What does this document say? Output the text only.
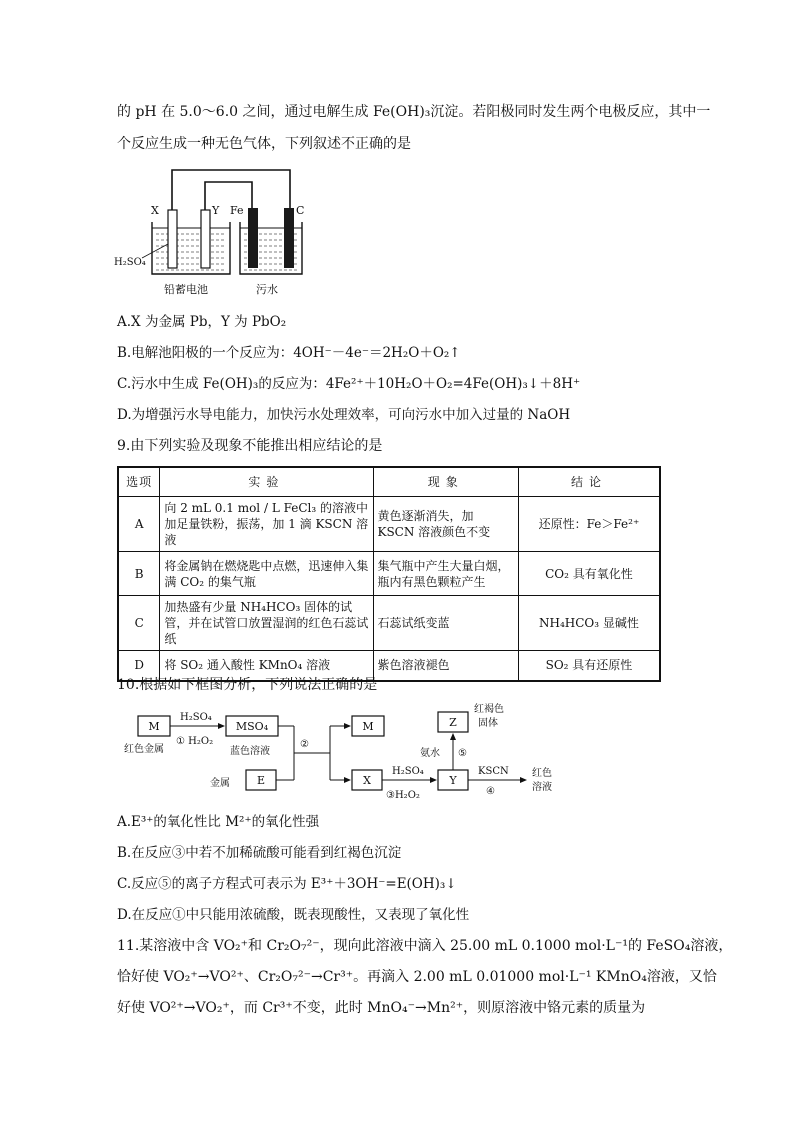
的 pH 在 5.0～6.0 之间，通过电解生成 Fe(OH)₃沉淀。若阳极同时发生两个电极反应，其中一
个反应生成一种无色气体，下列叙述不正确的是
X	Y Fe	C
H₂SO₄
铅蓄电池	污水
A.X 为金属 Pb，Y 为 PbO₂
B.电解池阳极的一个反应为：4OH⁻－4e⁻＝2H₂O＋O₂↑
C.污水中生成 Fe(OH)₃的反应为：4Fe²⁺＋10H₂O＋O₂=4Fe(OH)₃↓＋8H⁺
D.为增强污水导电能力，加快污水处理效率，可向污水中加入过量的 NaOH
9.由下列实验及现象不能推出相应结论的是
选项	实验	现象	结论
A	向 2 mL 0.1 mol / L FeCl₃ 的溶液中加足量铁粉，振荡，加 1 滴 KSCN 溶液	黄色逐渐消失，加 KSCN 溶液颜色不变	还原性：Fe＞Fe²⁺
B	将金属钠在燃烧匙中点燃，迅速伸入集满 CO₂ 的集气瓶	集气瓶中产生大量白烟，瓶内有黑色颗粒产生	CO₂ 具有氧化性
C	加热盛有少量 NH₄HCO₃ 固体的试管，并在试管口放置湿润的红色石蕊试纸	石蕊试纸变蓝	NH₄HCO₃ 显碱性
D	将 SO₂ 通入酸性 KMnO₄ 溶液	紫色溶液褪色	SO₂ 具有还原性
10.根据如下框图分析，下列说法正确的是
M	MSO₄	M	Z
E	X	Y
H₂SO₄
① H₂O₂
红色金属	蓝色溶液
②
金属
H₂SO₄
③H₂O₂
氨水 ⑤
KSCN
④
红褐色
固体
红色
溶液
A.E³⁺的氧化性比 M²⁺的氧化性强
B.在反应③中若不加稀硫酸可能看到红褐色沉淀
C.反应⑤的离子方程式可表示为 E³⁺＋3OH⁻=E(OH)₃↓
D.在反应①中只能用浓硫酸，既表现酸性，又表现了氧化性
11.某溶液中含 VO₂⁺和 Cr₂O₇²⁻，现向此溶液中滴入 25.00 mL 0.1000 mol·L⁻¹的 FeSO₄溶液，
恰好使 VO₂⁺→VO²⁺、Cr₂O₇²⁻→Cr³⁺。再滴入 2.00 mL 0.01000 mol·L⁻¹ KMnO₄溶液，又恰
好使 VO²⁺→VO₂⁺，而 Cr³⁺不变，此时 MnO₄⁻→Mn²⁺，则原溶液中铬元素的质量为
